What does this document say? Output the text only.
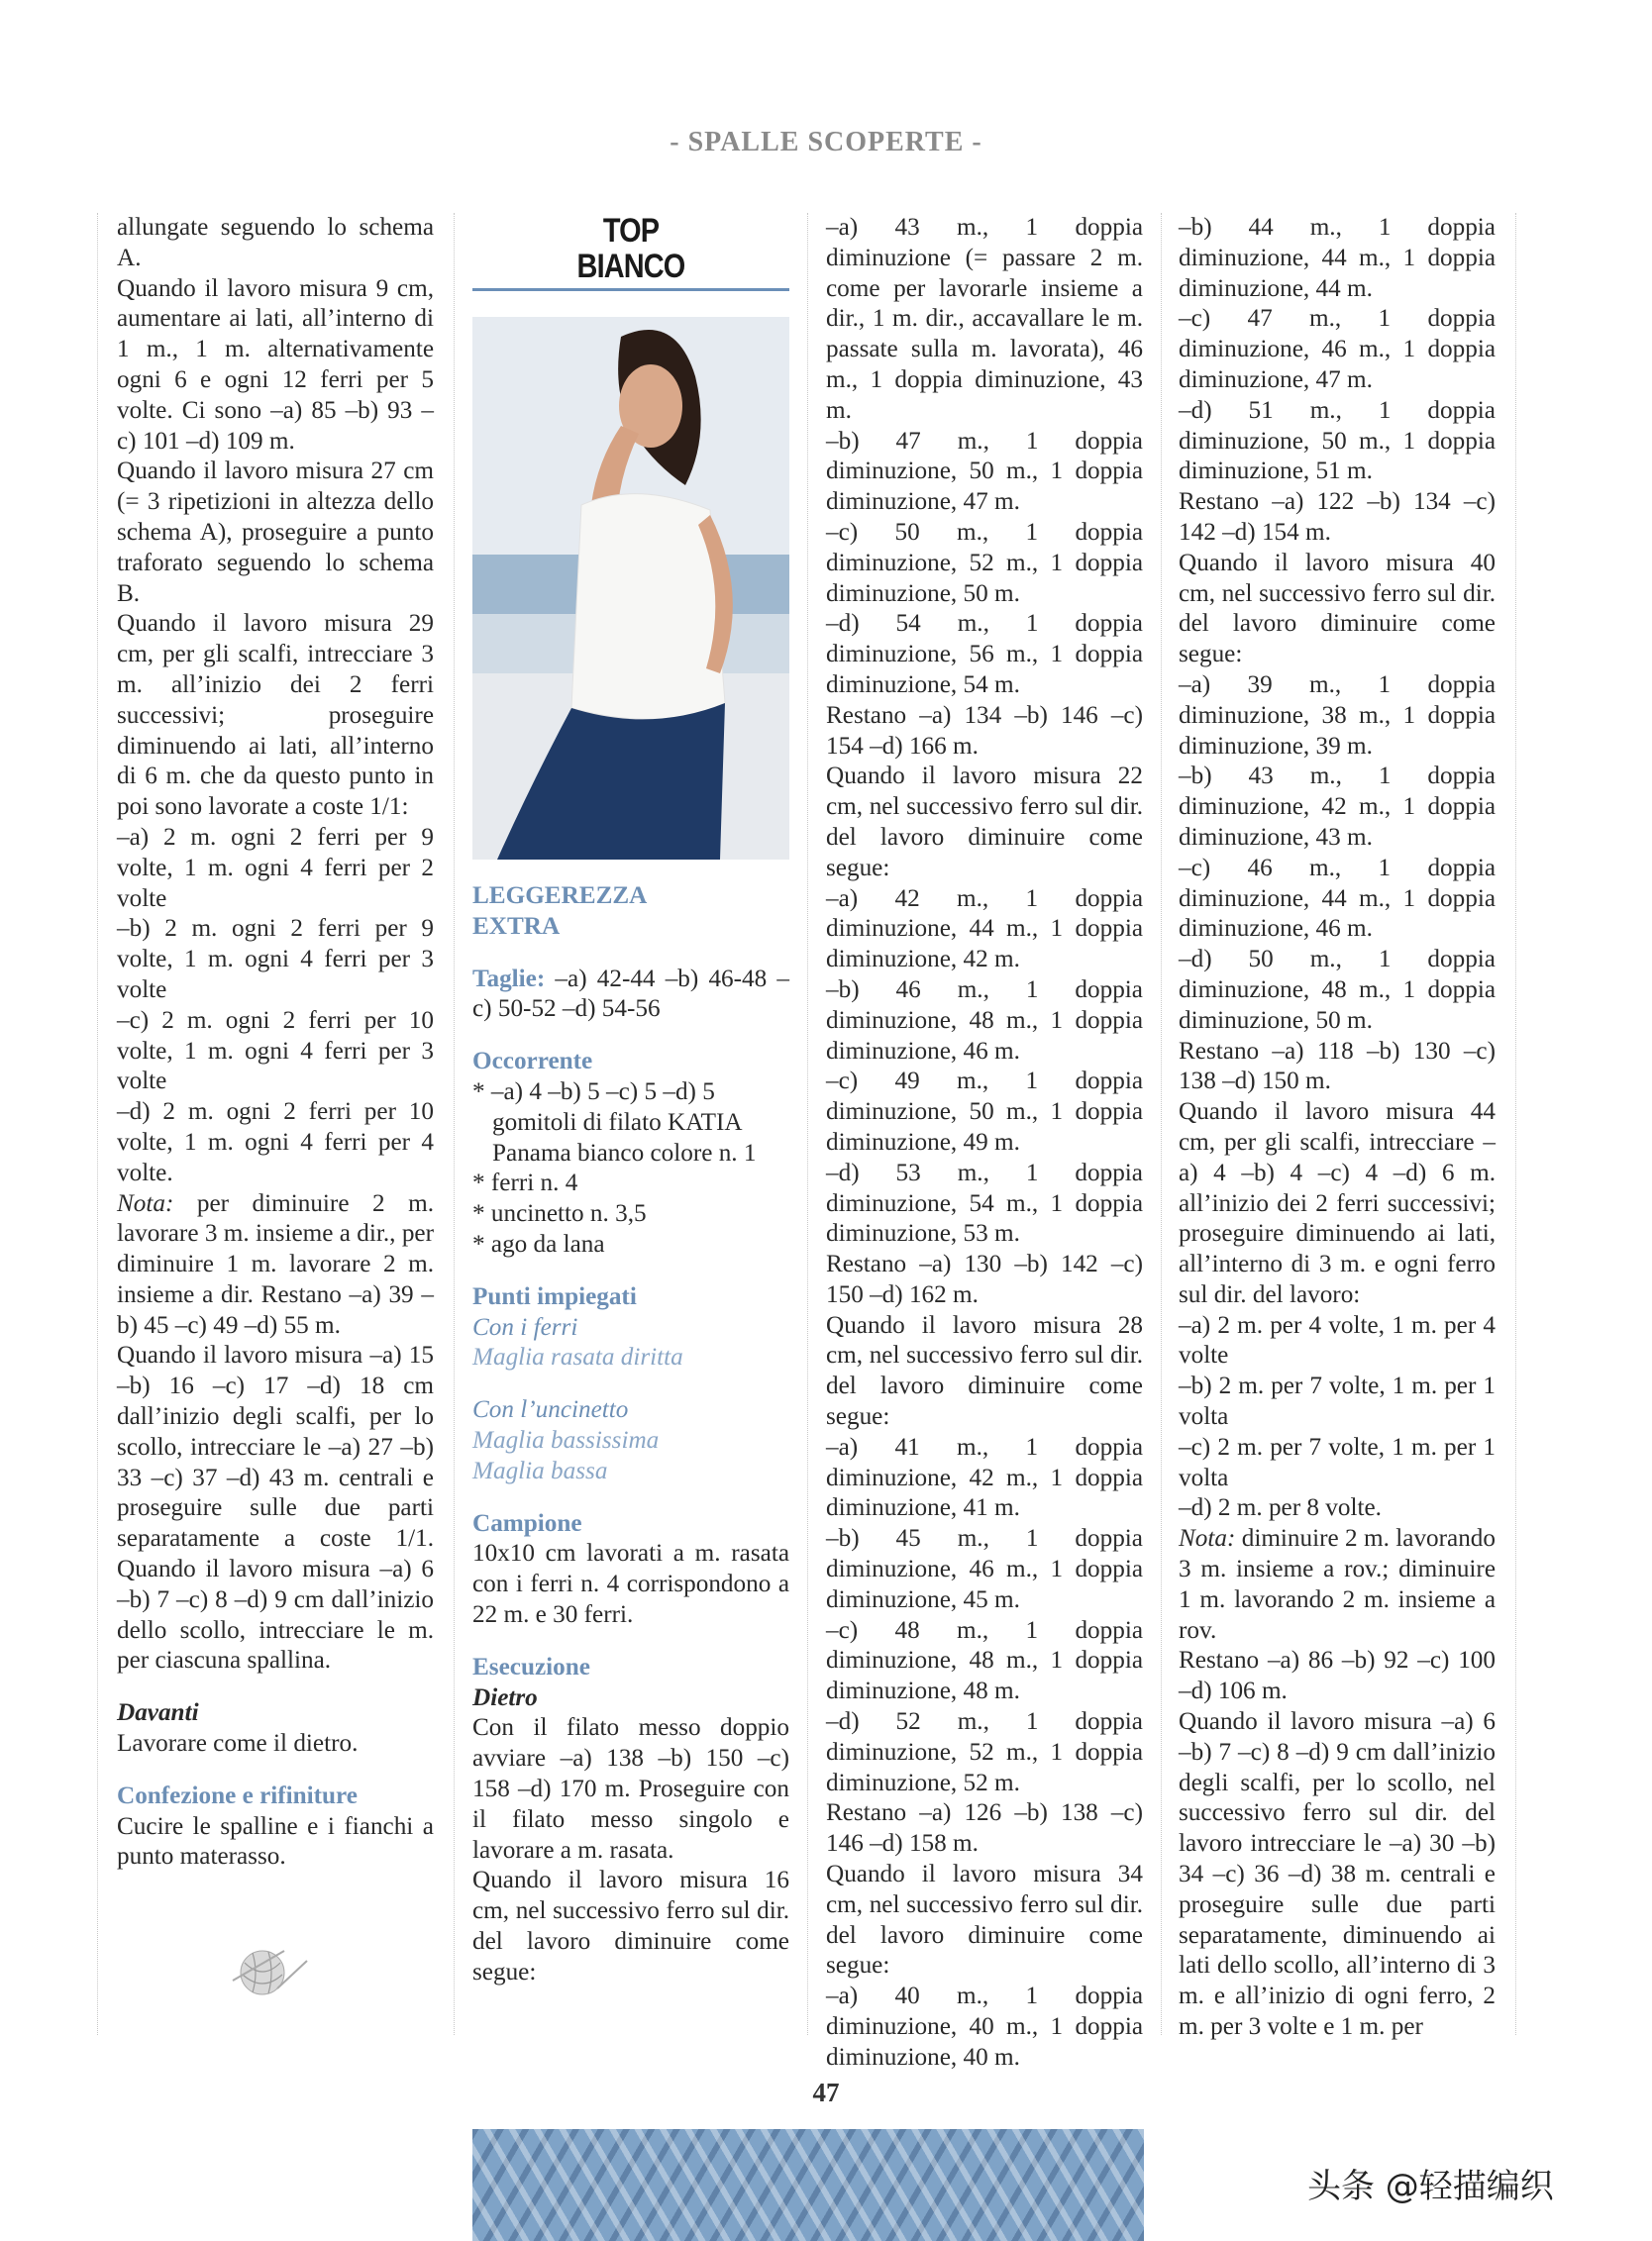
- SPALLE SCOPERTE -

allungate seguendo lo schema A.

Quando il lavoro misura 9 cm, aumentare ai lati, all’interno di 1 m., 1 m. alternativamente ogni 6 e ogni 12 ferri per 5 volte. Ci sono –a) 85 –b) 93 –c) 101 –d) 109 m.

Quando il lavoro misura 27 cm (= 3 ripetizioni in altezza dello schema A), proseguire a punto traforato seguendo lo schema B.

Quando il lavoro misura 29 cm, per gli scalfi, intrecciare 3 m. all’inizio dei 2 ferri successivi; proseguire diminuendo ai lati, all’interno di 6 m. che da questo punto in poi sono lavorate a coste 1/1:

–a) 2 m. ogni 2 ferri per 9 volte, 1 m. ogni 4 ferri per 2 volte

–b) 2 m. ogni 2 ferri per 9 volte, 1 m. ogni 4 ferri per 3 volte

–c) 2 m. ogni 2 ferri per 10 volte, 1 m. ogni 4 ferri per 3 volte

–d) 2 m. ogni 2 ferri per 10 volte, 1 m. ogni 4 ferri per 4 volte.

Nota: per diminuire 2 m. lavorare 3 m. insieme a dir., per diminuire 1 m. lavorare 2 m. insieme a dir. Restano –a) 39 –b) 45 –c) 49 –d) 55 m.

Quando il lavoro misura –a) 15 –b) 16 –c) 17 –d) 18 cm dall’inizio degli scalfi, per lo scollo, intrecciare le –a) 27 –b) 33 –c) 37 –d) 43 m. centrali e proseguire sulle due parti separatamente a coste 1/1. Quando il lavoro misura –a) 6 –b) 7 –c) 8 –d) 9 cm dall’inizio dello scollo, intrecciare le m. per ciascuna spallina.

Davanti

Lavorare come il dietro.

Confezione e rifiniture

Cucire le spalline e i fianchi a punto materasso.

TOP
BIANCO

LEGGEREZZA
EXTRA

Taglie: –a) 42-44 –b) 46-48 –c) 50-52 –d) 54-56

Occorrente

* –a) 4 –b) 5 –c) 5 –d) 5 gomitoli di filato KATIA Panama bianco colore n. 1

* ferri n. 4

* uncinetto n. 3,5

* ago da lana

Punti impiegati

Con i ferri

Maglia rasata diritta

Con l’uncinetto

Maglia bassissima

Maglia bassa

Campione

10x10 cm lavorati a m. rasata con i ferri n. 4 corrispondono a 22 m. e 30 ferri.

Esecuzione

Dietro

Con il filato messo doppio avviare –a) 138 –b) 150 –c) 158 –d) 170 m. Proseguire con il filato messo singolo e lavorare a m. rasata.

Quando il lavoro misura 16 cm, nel successivo ferro sul dir. del lavoro diminuire come segue:

–a) 43 m., 1 doppia diminuzione (= passare 2 m. come per lavorarle insieme a dir., 1 m. dir., accavallare le m. passate sulla m. lavorata), 46 m., 1 doppia diminuzione, 43 m.

–b) 47 m., 1 doppia diminuzione, 50 m., 1 doppia diminuzione, 47 m.

–c) 50 m., 1 doppia diminuzione, 52 m., 1 doppia diminuzione, 50 m.

–d) 54 m., 1 doppia diminuzione, 56 m., 1 doppia diminuzione, 54 m.

Restano –a) 134 –b) 146 –c) 154 –d) 166 m.

Quando il lavoro misura 22 cm, nel successivo ferro sul dir. del lavoro diminuire come segue:

–a) 42 m., 1 doppia diminuzione, 44 m., 1 doppia diminuzione, 42 m.

–b) 46 m., 1 doppia diminuzione, 48 m., 1 doppia diminuzione, 46 m.

–c) 49 m., 1 doppia diminuzione, 50 m., 1 doppia diminuzione, 49 m.

–d) 53 m., 1 doppia diminuzione, 54 m., 1 doppia diminuzione, 53 m.

Restano –a) 130 –b) 142 –c) 150 –d) 162 m.

Quando il lavoro misura 28 cm, nel successivo ferro sul dir. del lavoro diminuire come segue:

–a) 41 m., 1 doppia diminuzione, 42 m., 1 doppia diminuzione, 41 m.

–b) 45 m., 1 doppia diminuzione, 46 m., 1 doppia diminuzione, 45 m.

–c) 48 m., 1 doppia diminuzione, 48 m., 1 doppia diminuzione, 48 m.

–d) 52 m., 1 doppia diminuzione, 52 m., 1 doppia diminuzione, 52 m.

Restano –a) 126 –b) 138 –c) 146 –d) 158 m.

Quando il lavoro misura 34 cm, nel successivo ferro sul dir. del lavoro diminuire come segue:

–a) 40 m., 1 doppia diminuzione, 40 m., 1 doppia diminuzione, 40 m.

–b) 44 m., 1 doppia diminuzione, 44 m., 1 doppia diminuzione, 44 m.

–c) 47 m., 1 doppia diminuzione, 46 m., 1 doppia diminuzione, 47 m.

–d) 51 m., 1 doppia diminuzione, 50 m., 1 doppia diminuzione, 51 m.

Restano –a) 122 –b) 134 –c) 142 –d) 154 m.

Quando il lavoro misura 40 cm, nel successivo ferro sul dir. del lavoro diminuire come segue:

–a) 39 m., 1 doppia diminuzione, 38 m., 1 doppia diminuzione, 39 m.

–b) 43 m., 1 doppia diminuzione, 42 m., 1 doppia diminuzione, 43 m.

–c) 46 m., 1 doppia diminuzione, 44 m., 1 doppia diminuzione, 46 m.

–d) 50 m., 1 doppia diminuzione, 48 m., 1 doppia diminuzione, 50 m.

Restano –a) 118 –b) 130 –c) 138 –d) 150 m.

Quando il lavoro misura 44 cm, per gli scalfi, intrecciare –a) 4 –b) 4 –c) 4 –d) 6 m. all’inizio dei 2 ferri successivi; proseguire diminuendo ai lati, all’interno di 3 m. e ogni ferro sul dir. del lavoro:

–a) 2 m. per 4 volte, 1 m. per 4 volte

–b) 2 m. per 7 volte, 1 m. per 1 volta

–c) 2 m. per 7 volte, 1 m. per 1 volta

–d) 2 m. per 8 volte.

Nota: diminuire 2 m. lavorando 3 m. insieme a rov.; diminuire 1 m. lavorando 2 m. insieme a rov.

Restano –a) 86 –b) 92 –c) 100 –d) 106 m.

Quando il lavoro misura –a) 6 –b) 7 –c) 8 –d) 9 cm dall’inizio degli scalfi, per lo scollo, nel successivo ferro sul dir. del lavoro intrecciare le –a) 30 –b) 34 –c) 36 –d) 38 m. centrali e proseguire sulle due parti separatamente, diminuendo ai lati dello scollo, all’interno di 3 m. e all’inizio di ogni ferro, 2 m. per 3 volte e 1 m. per

47
头条 @轻描编织
